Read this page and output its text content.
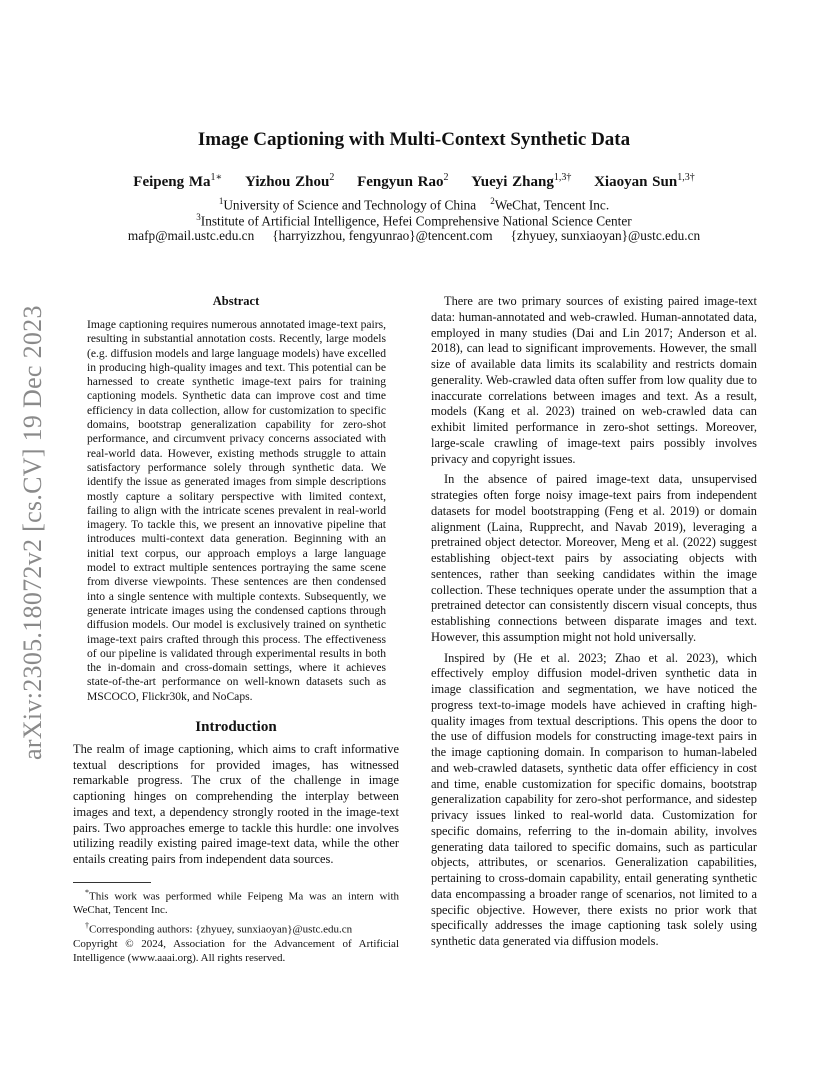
arXiv:2305.18072v2 [cs.CV] 19 Dec 2023
Image Captioning with Multi-Context Synthetic Data
Feipeng $Ma^{1∗}$ Yizhou Zhou$^2$ Fengyun Rao$^2$ Yueyi Zhang$^{1,3\dagger}$ Xiaoyan Sun$^{1,3\dagger}$
$^1$University of Science and Technology of China $^2$WeChat, Tencent Inc.
$^3$Institute of Artificial Intelligence, Hefei Comprehensive National Science Center
mafp@mail.ustc.edu.cn {harryizzhou, fengyunrao}@tencent.com {zhyuey, sunxiaoyan}@ustc.edu.cn
Abstract

Image captioning requires numerous annotated image-text pairs, resulting in substantial annotation costs. Recently, large models (e.g. diffusion models and large language models) have excelled in producing high-quality images and text. This potential can be harnessed to create synthetic image-text pairs for training captioning models. Synthetic data can improve cost and time efficiency in data collection, allow for customization to specific domains, bootstrap generalization capability for zero-shot performance, and circumvent privacy concerns associated with real-world data. However, existing methods struggle to attain satisfactory performance solely through synthetic data. We identify the issue as generated images from simple descriptions mostly capture a solitary perspective with limited context, failing to align with the intricate scenes prevalent in real-world imagery. To tackle this, we present an innovative pipeline that introduces multi-context data generation. Beginning with an initial text corpus, our approach employs a large language model to extract multiple sentences portraying the same scene from diverse viewpoints. These sentences are then condensed into a single sentence with multiple contexts. Subsequently, we generate intricate images using the condensed captions through diffusion models. Our model is exclusively trained on synthetic image-text pairs crafted through this process. The effectiveness of our pipeline is validated through experimental results in both the in-domain and cross-domain settings, where it achieves state-of-the-art performance on well-known datasets such as MSCOCO, Flickr30k, and NoCaps.

Introduction

The realm of image captioning, which aims to craft informative textual descriptions for provided images, has witnessed remarkable progress. The crux of the challenge in image captioning hinges on comprehending the interplay between images and text, a dependency strongly rooted in the image-text pairs. Two approaches emerge to tackle this hurdle: one involves utilizing readily existing paired image-text data, while the other entails creating pairs from independent data sources.

*This work was performed while Feipeng Ma was an intern with WeChat, Tencent Inc.

†Corresponding authors: {zhyuey, sunxiaoyan}@ustc.edu.cn

Copyright © 2024, Association for the Advancement of Artificial Intelligence (www.aaai.org). All rights reserved.

There are two primary sources of existing paired image-text data: human-annotated and web-crawled. Human-annotated data, employed in many studies (Dai and Lin 2017; Anderson et al. 2018), can lead to significant improvements. However, the small size of available data limits its scalability and restricts domain generality. Web-crawled data often suffer from low quality due to inaccurate correlations between images and text. As a result, models (Kang et al. 2023) trained on web-crawled data can exhibit limited performance in zero-shot settings. Moreover, large-scale crawling of image-text pairs possibly involves privacy and copyright issues.

In the absence of paired image-text data, unsupervised strategies often forge noisy image-text pairs from independent datasets for model bootstrapping (Feng et al. 2019) or domain alignment (Laina, Rupprecht, and Navab 2019), leveraging a pretrained object detector. Moreover, Meng et al. (2022) suggest establishing object-text pairs by associating objects with sentences, rather than seeking candidates within the image collection. These techniques operate under the assumption that a pretrained detector can consistently discern visual concepts, thus establishing connections between disparate images and text. However, this assumption might not hold universally.

Inspired by (He et al. 2023; Zhao et al. 2023), which effectively employ diffusion model-driven synthetic data in image classification and segmentation, we have noticed the progress text-to-image models have achieved in crafting high-quality images from textual descriptions. This opens the door to the use of diffusion models for constructing image-text pairs in the image captioning domain. In comparison to human-labeled and web-crawled datasets, synthetic data offer efficiency in cost and time, enable customization for specific domains, bootstrap generalization capability for zero-shot performance, and sidestep privacy issues linked to real-world data. Customization for specific domains, referring to the in-domain ability, involves generating data tailored to specific domains, such as particular objects, attributes, or scenarios. Generalization capabilities, pertaining to cross-domain capability, entail generating synthetic data encompassing a broader range of scenarios, not limited to a specific objective. However, there exists no prior work that specifically addresses the image captioning task solely using synthetic data generated via diffusion models.
